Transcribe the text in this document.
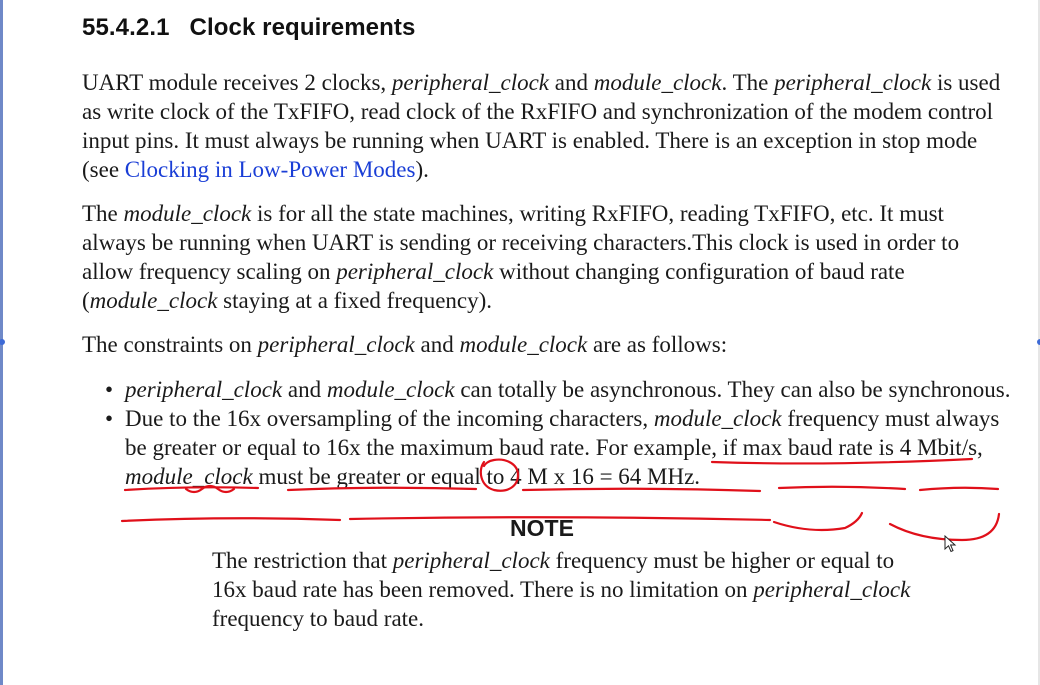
55.4.2.1 Clock requirements

UART module receives 2 clocks, peripheral_clock and module_clock. The peripheral_clock is used as write clock of the TxFIFO, read clock of the RxFIFO and synchronization of the modem control input pins. It must always be running when UART is enabled. There is an exception in stop mode (see Clocking in Low-Power Modes).

The module_clock is for all the state machines, writing RxFIFO, reading TxFIFO, etc. It must always be running when UART is sending or receiving characters.This clock is used in order to allow frequency scaling on peripheral_clock without changing configuration of baud rate (module_clock staying at a fixed frequency).

The constraints on peripheral_clock and module_clock are as follows:

• peripheral_clock and module_clock can totally be asynchronous. They can also be synchronous.
• Due to the 16x oversampling of the incoming characters, module_clock frequency must always be greater or equal to 16x the maximum baud rate. For example, if max baud rate is 4 Mbit/s, module_clock must be greater or equal to 4 M x 16 = 64 MHz.
NOTE
The restriction that peripheral_clock frequency must be higher or equal to 16x baud rate has been removed. There is no limitation on peripheral_clock frequency to baud rate.
